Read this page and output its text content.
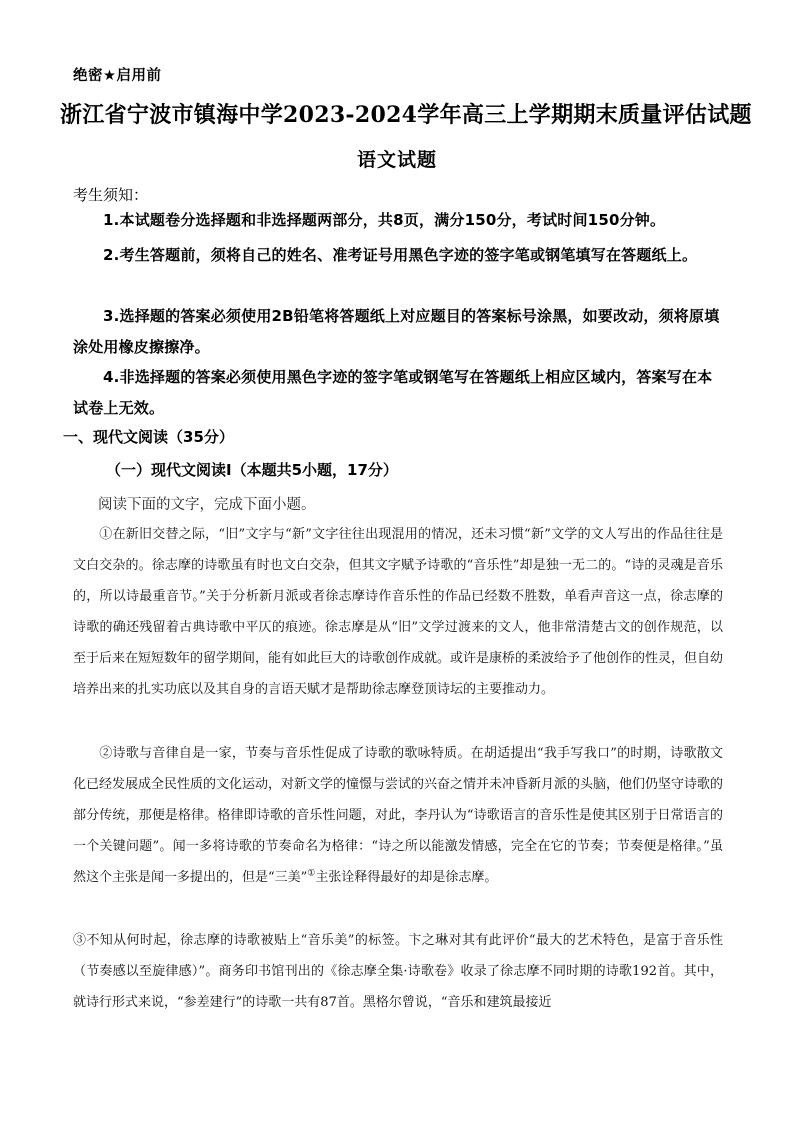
绝密★启用前
浙江省宁波市镇海中学2023-2024学年高三上学期期末质量评估试题
语文试题
考生须知：
1.本试题卷分选择题和非选择题两部分，共8页，满分150分，考试时间150分钟。
2.考生答题前，须将自己的姓名、准考证号用黑色字迹的签字笔或钢笔填写在答题纸上。
3.选择题的答案必须使用2B铅笔将答题纸上对应题目的答案标号涂黑，如要改动，须将原填涂处用橡皮擦擦净。
4.非选择题的答案必须使用黑色字迹的签字笔或钢笔写在答题纸上相应区域内，答案写在本试卷上无效。
一、现代文阅读（35分）
（一）现代文阅读Ⅰ（本题共5小题，17分）
阅读下面的文字，完成下面小题。
①在新旧交替之际，“旧”文字与“新”文字往往出现混用的情况，还未习惯“新”文学的文人写出的作品往往是文白交杂的。徐志摩的诗歌虽有时也文白交杂，但其文字赋予诗歌的“音乐性”却是独一无二的。“诗的灵魂是音乐的，所以诗最重音节。”关于分析新月派或者徐志摩诗作音乐性的作品已经数不胜数，单看声音这一点，徐志摩的诗歌的确还残留着古典诗歌中平仄的痕迹。徐志摩是从“旧”文学过渡来的文人，他非常清楚古文的创作规范，以至于后来在短短数年的留学期间，能有如此巨大的诗歌创作成就。或许是康桥的柔波给予了他创作的性灵，但自幼培养出来的扎实功底以及其自身的言语天赋才是帮助徐志摩登顶诗坛的主要推动力。
②诗歌与音律自是一家，节奏与音乐性促成了诗歌的歌咏特质。在胡适提出“我手写我口”的时期，诗歌散文化已经发展成全民性质的文化运动，对新文学的憧憬与尝试的兴奋之情并未冲昏新月派的头脑，他们仍坚守诗歌的部分传统，那便是格律。格律即诗歌的音乐性问题，对此，李丹认为“诗歌语言的音乐性是使其区别于日常语言的一个关键问题”。闻一多将诗歌的节奏命名为格律：“诗之所以能激发情感，完全在它的节奏；节奏便是格律。”虽然这个主张是闻一多提出的，但是“三美”①主张诠释得最好的却是徐志摩。
③不知从何时起，徐志摩的诗歌被贴上“音乐美”的标签。卞之琳对其有此评价“最大的艺术特色，是富于音乐性（节奏感以至旋律感）”。商务印书馆刊出的《徐志摩全集·诗歌卷》收录了徐志摩不同时期的诗歌192首。其中，就诗行形式来说，“参差建行”的诗歌一共有87首。黑格尔曾说，“音乐和建筑最接近
